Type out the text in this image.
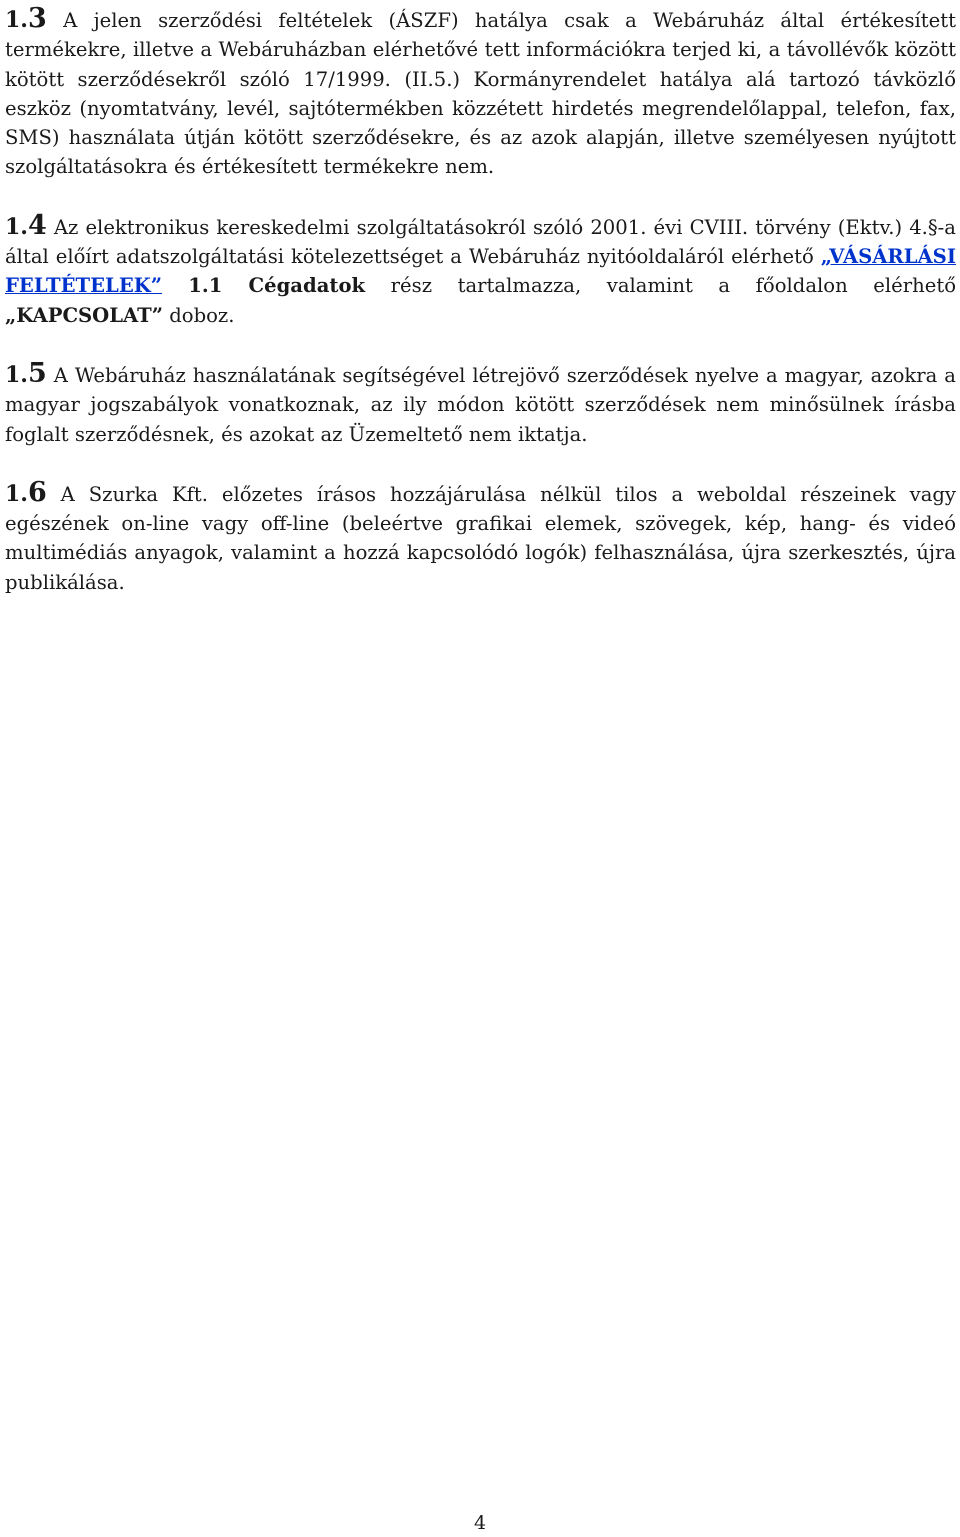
1.3 A jelen szerződési feltételek (ÁSZF) hatálya csak a Webáruház által értékesített termékekre, illetve a Webáruházban elérhetővé tett információkra terjed ki, a távollévők között kötött szerződésekről szóló 17/1999. (II.5.) Kormányrendelet hatálya alá tartozó távközlő eszköz (nyomtatvány, levél, sajtótermékben közzétett hirdetés megrendelőlappal, telefon, fax, SMS) használata útján kötött szerződésekre, és az azok alapján, illetve személyesen nyújtott szolgáltatásokra és értékesített termékekre nem.

1.4 Az elektronikus kereskedelmi szolgáltatásokról szóló 2001. évi CVIII. törvény (Ektv.) 4.§-a által előírt adatszolgáltatási kötelezettséget a Webáruház nyitóoldaláról elérhető „VÁSÁRLÁSI FELTÉTELEK” 1.1 Cégadatok rész tartalmazza, valamint a főoldalon elérhető „KAPCSOLAT” doboz.

1.5 A Webáruház használatának segítségével létrejövő szerződések nyelve a magyar, azokra a magyar jogszabályok vonatkoznak, az ily módon kötött szerződések nem minősülnek írásba foglalt szerződésnek, és azokat az Üzemeltető nem iktatja.

1.6 A Szurka Kft. előzetes írásos hozzájárulása nélkül tilos a weboldal részeinek vagy egészének on-line vagy off-line (beleértve grafikai elemek, szövegek, kép, hang- és videó multimédiás anyagok, valamint a hozzá kapcsolódó logók) felhasználása, újra szerkesztés, újra publikálása.

4
